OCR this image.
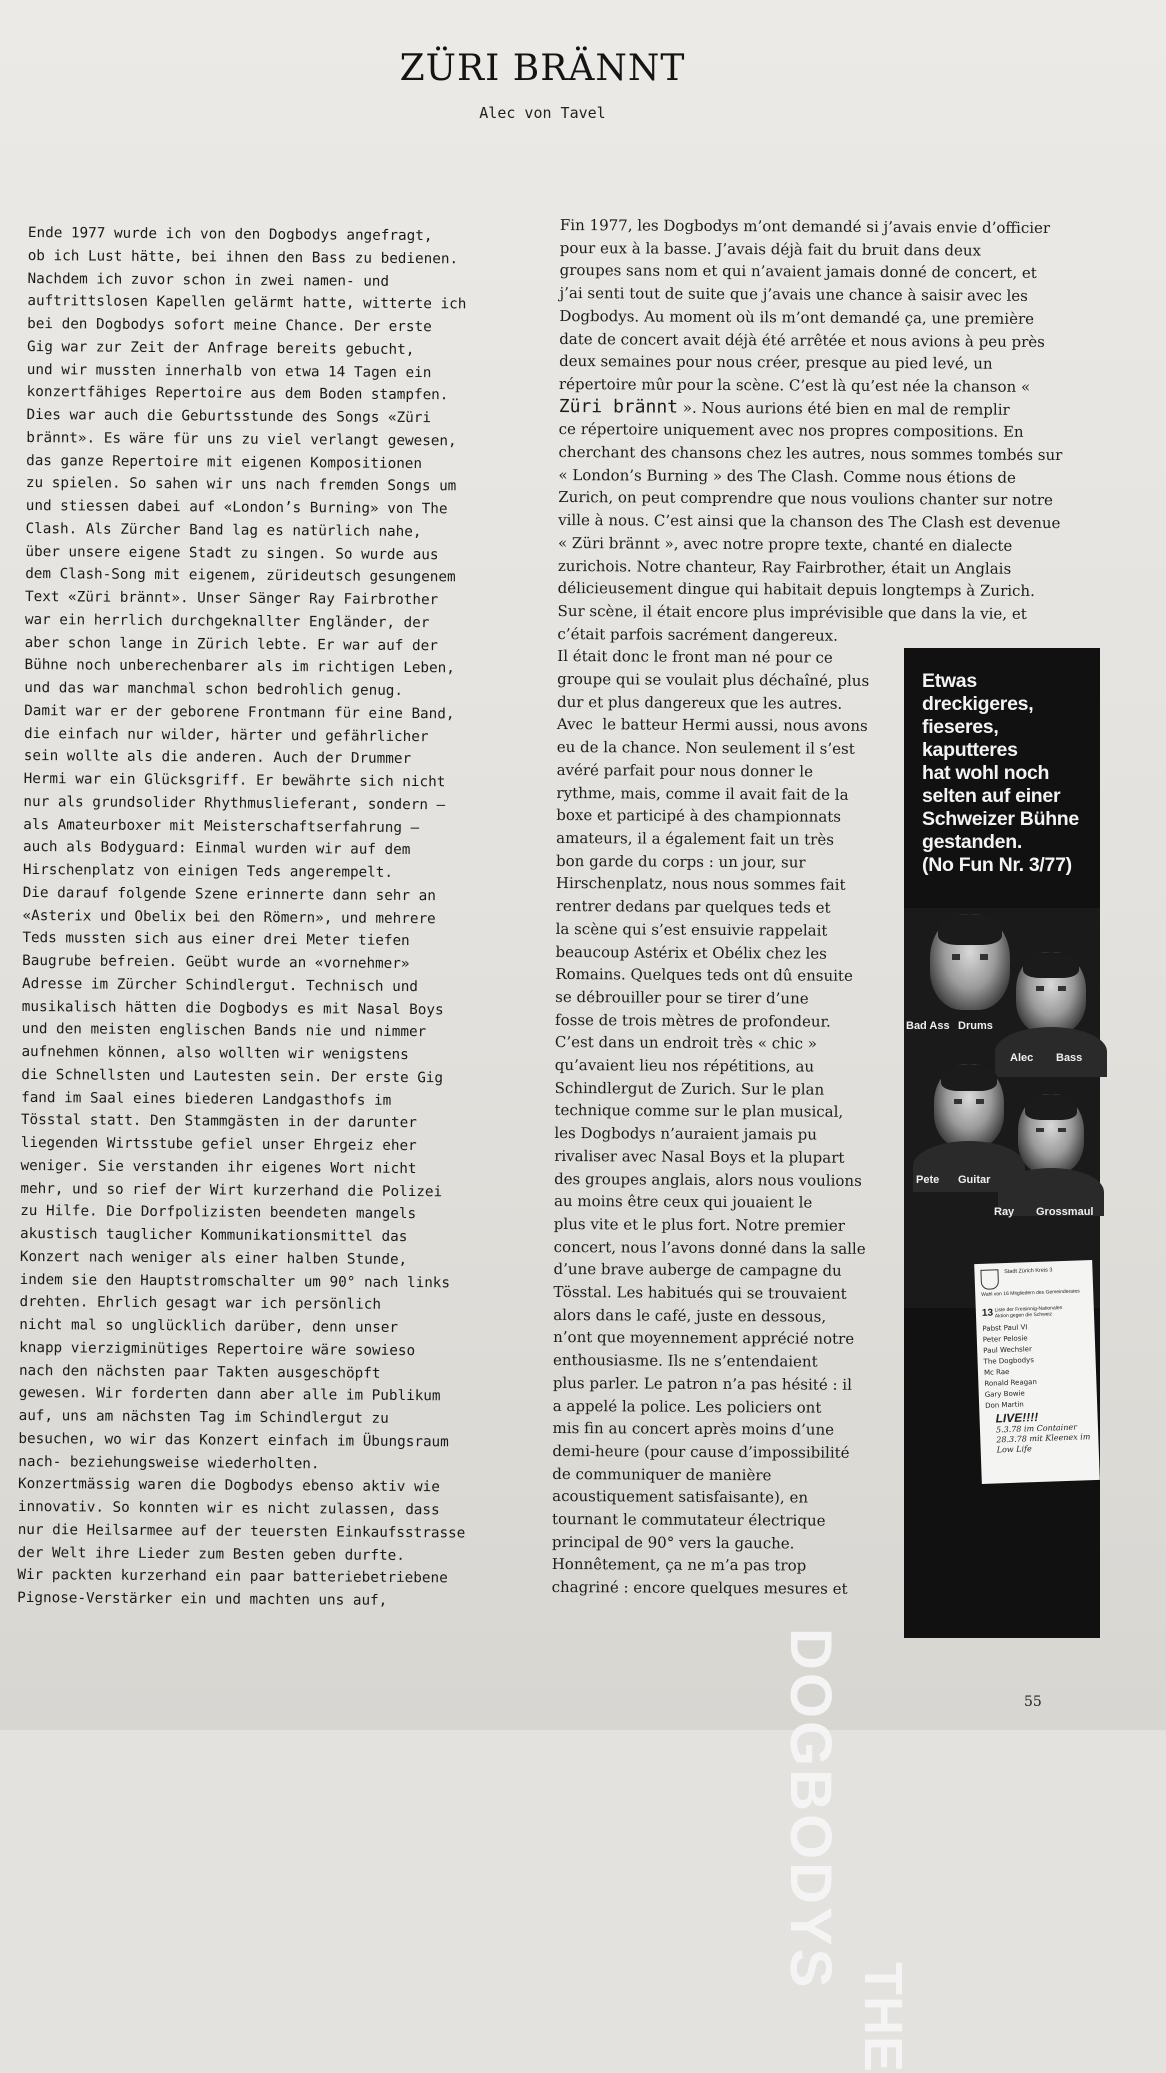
ZÜRI BRÄNNT
Alec von Tavel
Ende 1977 wurde ich von den Dogbodys angefragt,
ob ich Lust hätte, bei ihnen den Bass zu bedienen.
Nachdem ich zuvor schon in zwei namen- und
auftrittslosen Kapellen gelärmt hatte, witterte ich
bei den Dogbodys sofort meine Chance. Der erste
Gig war zur Zeit der Anfrage bereits gebucht,
und wir mussten innerhalb von etwa 14 Tagen ein
konzertfähiges Repertoire aus dem Boden stampfen.
Dies war auch die Geburtsstunde des Songs «Züri
brännt». Es wäre für uns zu viel verlangt gewesen,
das ganze Repertoire mit eigenen Kompositionen
zu spielen. So sahen wir uns nach fremden Songs um
und stiessen dabei auf «London’s Burning» von The
Clash. Als Zürcher Band lag es natürlich nahe,
über unsere eigene Stadt zu singen. So wurde aus
dem Clash-Song mit eigenem, zürideutsch gesungenem
Text «Züri brännt». Unser Sänger Ray Fairbrother
war ein herrlich durchgeknallter Engländer, der
aber schon lange in Zürich lebte. Er war auf der
Bühne noch unberechenbarer als im richtigen Leben,
und das war manchmal schon bedrohlich genug.
Damit war er der geborene Frontmann für eine Band,
die einfach nur wilder, härter und gefährlicher
sein wollte als die anderen. Auch der Drummer
Hermi war ein Glücksgriff. Er bewährte sich nicht
nur als grundsolider Rhythmuslieferant, sondern –
als Amateurboxer mit Meisterschaftserfahrung –
auch als Bodyguard: Einmal wurden wir auf dem
Hirschenplatz von einigen Teds angerempelt.
Die darauf folgende Szene erinnerte dann sehr an
«Asterix und Obelix bei den Römern», und mehrere
Teds mussten sich aus einer drei Meter tiefen
Baugrube befreien. Geübt wurde an «vornehmer»
Adresse im Zürcher Schindlergut. Technisch und
musikalisch hätten die Dogbodys es mit Nasal Boys
und den meisten englischen Bands nie und nimmer
aufnehmen können, also wollten wir wenigstens
die Schnellsten und Lautesten sein. Der erste Gig
fand im Saal eines biederen Landgasthofs im
Tösstal statt. Den Stammgästen in der darunter
liegenden Wirtsstube gefiel unser Ehrgeiz eher
weniger. Sie verstanden ihr eigenes Wort nicht
mehr, und so rief der Wirt kurzerhand die Polizei
zu Hilfe. Die Dorfpolizisten beendeten mangels
akustisch tauglicher Kommunikationsmittel das
Konzert nach weniger als einer halben Stunde,
indem sie den Hauptstromschalter um 90° nach links
drehten. Ehrlich gesagt war ich persönlich
nicht mal so unglücklich darüber, denn unser
knapp vierzigminütiges Repertoire wäre sowieso
nach den nächsten paar Takten ausgeschöpft
gewesen. Wir forderten dann aber alle im Publikum
auf, uns am nächsten Tag im Schindlergut zu
besuchen, wo wir das Konzert einfach im Übungsraum
nach- beziehungsweise wiederholten.
Konzertmässig waren die Dogbodys ebenso aktiv wie
innovativ. So konnten wir es nicht zulassen, dass
nur die Heilsarmee auf der teuersten Einkaufsstrasse
der Welt ihre Lieder zum Besten geben durfte.
Wir packten kurzerhand ein paar batteriebetriebene
Pignose-Verstärker ein und machten uns auf,
Fin 1977, les Dogbodys m’ont demandé si j’avais envie d’officier
pour eux à la basse. J’avais déjà fait du bruit dans deux
groupes sans nom et qui n’avaient jamais donné de concert, et
j’ai senti tout de suite que j’avais une chance à saisir avec les
Dogbodys. Au moment où ils m’ont demandé ça, une première
date de concert avait déjà été arrêtée et nous avions à peu près
deux semaines pour nous créer, presque au pied levé, un
répertoire mûr pour la scène. C’est là qu’est née la chanson «
Züri brännt ». Nous aurions été bien en mal de remplir
ce répertoire uniquement avec nos propres compositions. En
cherchant des chansons chez les autres, nous sommes tombés sur
« London’s Burning » des The Clash. Comme nous étions de
Zurich, on peut comprendre que nous voulions chanter sur notre
ville à nous. C’est ainsi que la chanson des The Clash est devenue
« Züri brännt », avec notre propre texte, chanté en dialecte
zurichois. Notre chanteur, Ray Fairbrother, était un Anglais
délicieusement dingue qui habitait depuis longtemps à Zurich.
Sur scène, il était encore plus imprévisible que dans la vie, et
c’était parfois sacrément dangereux.
Il était donc le front man né pour ce
groupe qui se voulait plus déchaîné, plus
dur et plus dangereux que les autres.
Avec  le batteur Hermi aussi, nous avons
eu de la chance. Non seulement il s’est
avéré parfait pour nous donner le
rythme, mais, comme il avait fait de la
boxe et participé à des championnats
amateurs, il a également fait un très
bon garde du corps : un jour, sur
Hirschenplatz, nous nous sommes fait
rentrer dedans par quelques teds et
la scène qui s’est ensuivie rappelait
beaucoup Astérix et Obélix chez les
Romains. Quelques teds ont dû ensuite
se débrouiller pour se tirer d’une
fosse de trois mètres de profondeur.
C’est dans un endroit très « chic »
qu’avaient lieu nos répétitions, au
Schindlergut de Zurich. Sur le plan
technique comme sur le plan musical,
les Dogbodys n’auraient jamais pu
rivaliser avec Nasal Boys et la plupart
des groupes anglais, alors nous voulions
au moins être ceux qui jouaient le
plus vite et le plus fort. Notre premier
concert, nous l’avons donné dans la salle
d’une brave auberge de campagne du
Tösstal. Les habitués qui se trouvaient
alors dans le café, juste en dessous,
n’ont que moyennement apprécié notre
enthousiasme. Ils ne s’entendaient
plus parler. Le patron n’a pas hésité : il
a appelé la police. Les policiers ont
mis fin au concert après moins d’une
demi-heure (pour cause d’impossibilité
de communiquer de manière
acoustiquement satisfaisante), en
tournant le commutateur électrique
principal de 90° vers la gauche.
Honnêtement, ça ne m’a pas trop
chagriné : encore quelques mesures et
Etwas
dreckigeres,
fieseres,
kaputteres
hat wohl noch
selten auf einer
Schweizer Bühne
gestanden.
(No Fun Nr. 3/77)
Bad Ass Drums
Alec Bass
Pete Guitar
Ray Grossmaul
Stadt Zürich Kreis 3
Wahl von 16 Mitgliedern des Gemeinderates
13 Liste der Freisinnig-Nationalen Aktion gegen die Schweiz
Pabst Paul VI
Peter Pelosie
Paul Wechsler
The Dogbodys
Mc Rae
Ronald Reagan
Gary Bowie
Don Martin
LIVE!!!!
5.3.78 im Container
28.3.78 mit Kleenex im Low Life
THE
DOGBODYS	55
